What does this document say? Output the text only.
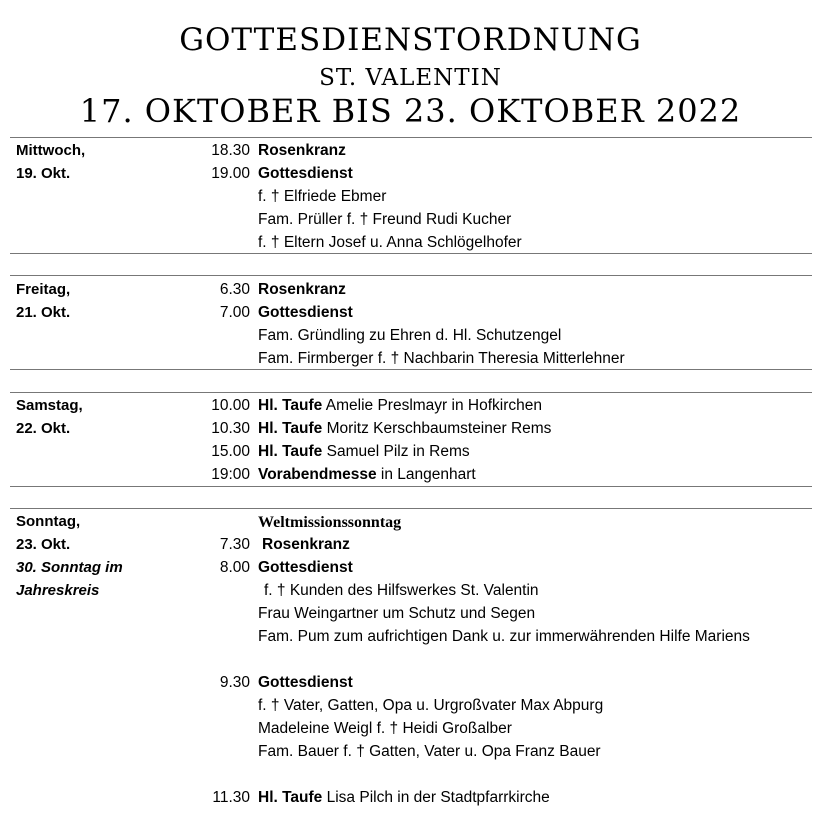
GOTTESDIENSTORDNUNG
ST. VALENTIN
17. OKTOBER BIS 23. OKTOBER 2022
Mittwoch,
19. Okt.
18.30 Rosenkranz
19.00 Gottesdienst
f. † Elfriede Ebmer
Fam. Prüller f. † Freund Rudi Kucher
f. † Eltern Josef u. Anna Schlögelhofer
Freitag,
21. Okt.
6.30 Rosenkranz
7.00 Gottesdienst
Fam. Gründling zu Ehren d. Hl. Schutzengel
Fam. Firmberger f. † Nachbarin Theresia Mitterlehner
Samstag,
22. Okt.
10.00 Hl. Taufe Amelie Preslmayr in Hofkirchen
10.30 Hl. Taufe Moritz Kerschbaumsteiner Rems
15.00 Hl. Taufe Samuel Pilz in Rems
19:00 Vorabendmesse in Langenhart
Sonntag,
23. Okt.
30. Sonntag im
Jahreskreis
Weltmissionssonntag
7.30 Rosenkranz
8.00 Gottesdienst
f. † Kunden des Hilfswerkes St. Valentin
Frau Weingartner um Schutz und Segen
Fam. Pum zum aufrichtigen Dank u. zur immerwährenden Hilfe Mariens
9.30 Gottesdienst
f. † Vater, Gatten, Opa u. Urgroßvater Max Abpurg
Madeleine Weigl f. † Heidi Großalber
Fam. Bauer f. † Gatten, Vater u. Opa Franz Bauer
11.30 Hl. Taufe Lisa Pilch in der Stadtpfarrkirche
